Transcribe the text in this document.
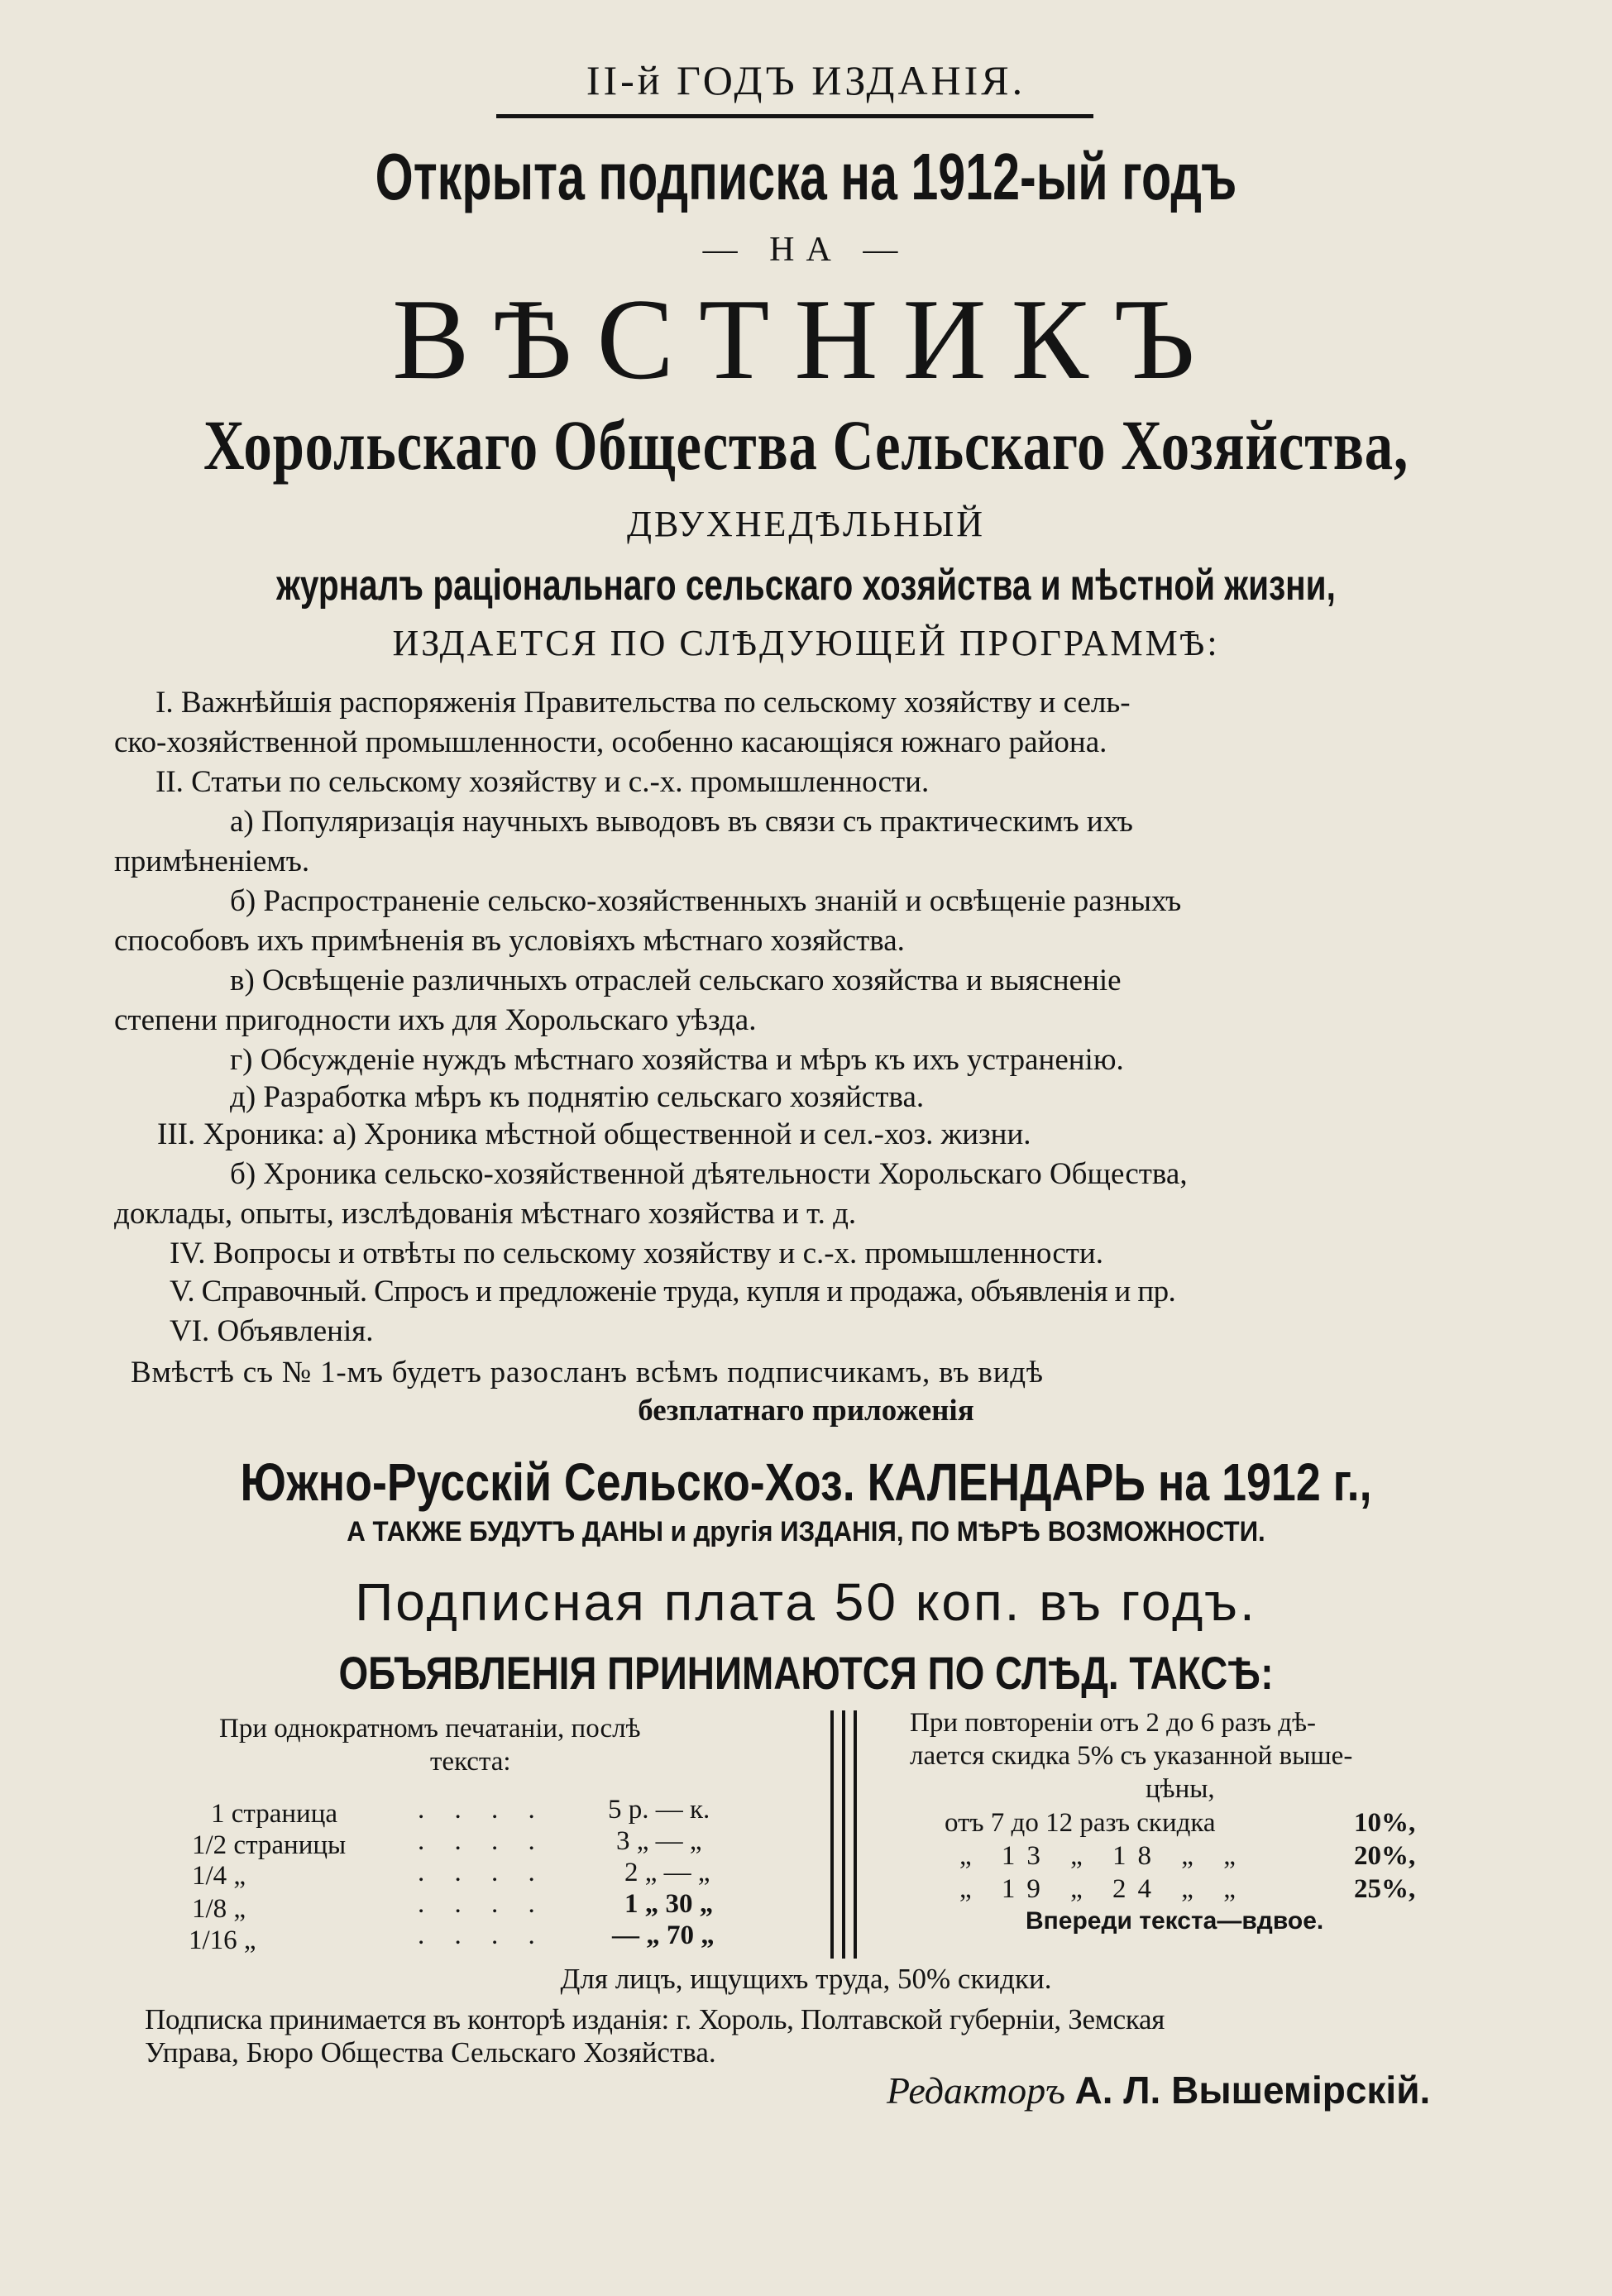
II-й ГОДЪ ИЗДАНІЯ.
Открыта подписка на 1912-ый годъ
— НА —
ВѢСТНИКЪ
Хорольскаго Общества Сельскаго Хозяйства,
ДВУХНЕДѢЛЬНЫЙ
журналъ раціональнаго сельскаго хозяйства и мѣстной жизни,
ИЗДАЕТСЯ ПО СЛѢДУЮЩЕЙ ПРОГРАММѢ:
I. Важнѣйшія распоряженія Правительства по сельскому хозяйству и сель-
ско-хозяйственной промышленности, особенно касающіяся южнаго района.
II. Статьи по сельскому хозяйству и с.-х. промышленности.
а) Популяризація научныхъ выводовъ въ связи съ практическимъ ихъ
примѣненіемъ.
б) Распространеніе сельско-хозяйственныхъ знаній и освѣщеніе разныхъ
способовъ ихъ примѣненія въ условіяхъ мѣстнаго хозяйства.
в) Освѣщеніе различныхъ отраслей сельскаго хозяйства и выясненіе
степени пригодности ихъ для Хорольскаго уѣзда.
г) Обсужденіе нуждъ мѣстнаго хозяйства и мѣръ къ ихъ устраненію.
д) Разработка мѣръ къ поднятію сельскаго хозяйства.
III. Хроника: а) Хроника мѣстной общественной и сел.-хоз. жизни.
б) Хроника сельско-хозяйственной дѣятельности Хорольскаго Общества,
доклады, опыты, изслѣдованія мѣстнаго хозяйства и т. д.
IV. Вопросы и отвѣты по сельскому хозяйству и с.-х. промышленности.
V. Справочный. Спросъ и предложеніе труда, купля и продажа, объявленія и пр.
VI. Объявленія.
Вмѣстѣ съ № 1-мъ будетъ разосланъ всѣмъ подписчикамъ, въ видѣ
безплатнаго приложенія
Южно-Русскій Сельско-Хоз. КАЛЕНДАРЬ на 1912 г.,
А ТАКЖЕ БУДУТЪ ДАНЫ и другія ИЗДАНІЯ, ПО МѢРѢ ВОЗМОЖНОСТИ.
Подписная плата 50 коп. въ годъ.
ОБЪЯВЛЕНІЯ ПРИНИМАЮТСЯ ПО СЛѢД. ТАКСѢ:
При однократномъ печатаніи, послѣ
текста:
1 страница	. . . . 5 р. — к.
1/2 страницы	. . . .	3 „ — „
1/4 „	. . . .	2 „ — „
1/8 „	. . . .	1 „ 30 „
1/16 „	. . . . — „ 70 „
При повтореніи отъ 2 до 6 разъ дѣ-
лается скидка 5% съ указанной выше-
цѣны,
отъ 7 до 12 разъ скидка	10%,
„ 13 „ 18 „ „	20%,
„ 19 „ 24 „ „	25%,
Впереди текста—вдвое.
Для лицъ, ищущихъ труда, 50% скидки.
Подписка принимается въ конторѣ изданія: г. Хороль, Полтавской губерніи, Земская
Управа, Бюро Общества Сельскаго Хозяйства.
Редакторъ А. Л. Вышемірскій.
